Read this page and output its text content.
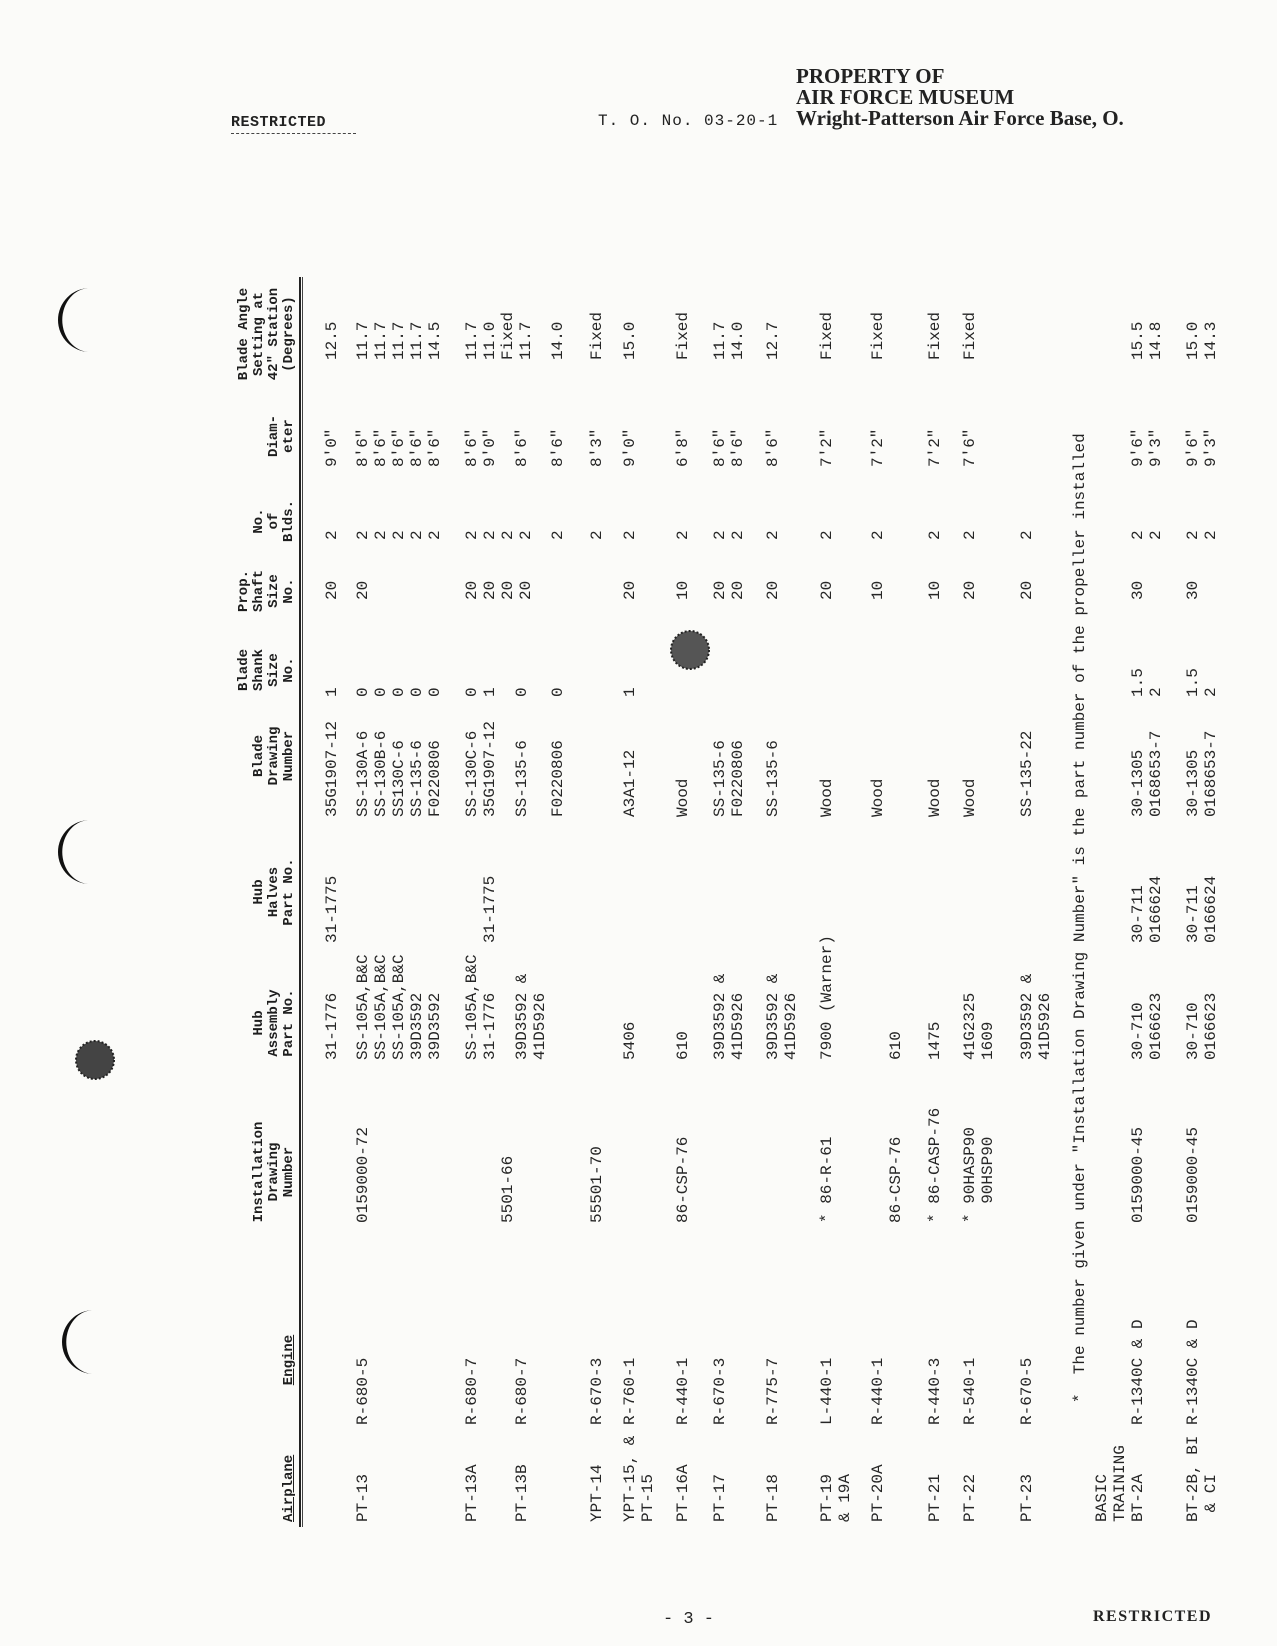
RESTRICTED	T. O. No. 03-20-1
PROPERTY OF
AIR FORCE MUSEUM
Wright-Patterson Air Force Base, O.
Airplane
Engine
Installation
Drawing
Number
Hub
Assembly
Part No.
Hub
Halves
Part No.
Blade
Drawing
Number
Blade
Shank
Size
No.
Prop.
Shaft
Size
No.
No.
of
Blds.
Diam-
eter
Blade Angle
Setting at
42" Station
(Degrees)
31-1776
31-1775
35G1907-12
1
20
2
9'0"
12.5
PT-13
R-680-5
0159000-72
SS-105A,B&C
SS-105A,B&C
SS-105A,B&C
39D3592
39D3592
SS-130A-6
SS-130B-6
SS130C-6
SS-135-6
F0220806
0
0
0
0
0
20
2
2
2
2
2
8'6"
8'6"
8'6"
8'6"
8'6"
11.7
11.7
11.7
11.7
14.5
PT-13A
R-680-7

5501-66
SS-105A,B&C
31-1776

31-1775
SS-130C-6
35G1907-12
0
1
20
20
20
20
2
2
2
2
8'6"
9'0"
11.7
11.0
Fixed
11.7
PT-13B
R-680-7
39D3592 &
41D5926
SS-135-6
0
8'6"
F0220806
0
2
8'6"
14.0
YPT-14
R-670-3
55501-70
2
8'3"
Fixed
YPT-15, &
PT-15
R-760-1
5406
A3A1-12
1
20
2
9'0"
15.0
PT-16A
R-440-1
86-CSP-76
610
Wood
10
2
6'8"
Fixed
PT-17
R-670-3
39D3592 &
41D5926
SS-135-6
F0220806
20
20
2
2
8'6"
8'6"
11.7
14.0
PT-18
R-775-7
39D3592 &
41D5926
SS-135-6
20
2
8'6"
12.7
PT-19
& 19A
L-440-1
* 86-R-61
7900 (Warner)
Wood
20
2
7'2"
Fixed
PT-20A
R-440-1

86-CSP-76

610
Wood
10
2
7'2"
Fixed
PT-21
R-440-3
* 86-CASP-76
1475
Wood
10
2
7'2"
Fixed
PT-22
R-540-1
* 90HASP90
90HSP90
41G2325
1609
Wood
20
2
7'6"
Fixed
PT-23
R-670-5
39D3592 &
41D5926
SS-135-22
20
2
BASIC
TRAINING
BT-2A
R-1340C & D
0159000-45
30-710
0166623
30-711
0166624
30-1305
0168653-7
1.5
2
30
2
2
9'6"
9'3"
15.5
14.8
BT-2B, BI
& CI
R-1340C & D
0159000-45
30-710
0166623
30-711
0166624
30-1305
0168653-7
1.5
2
30
2
2
9'6"
9'3"
15.0
14.3
*  The number given under "Installation Drawing Number" is the part number of the propeller installed
- 3 -	RESTRICTED
